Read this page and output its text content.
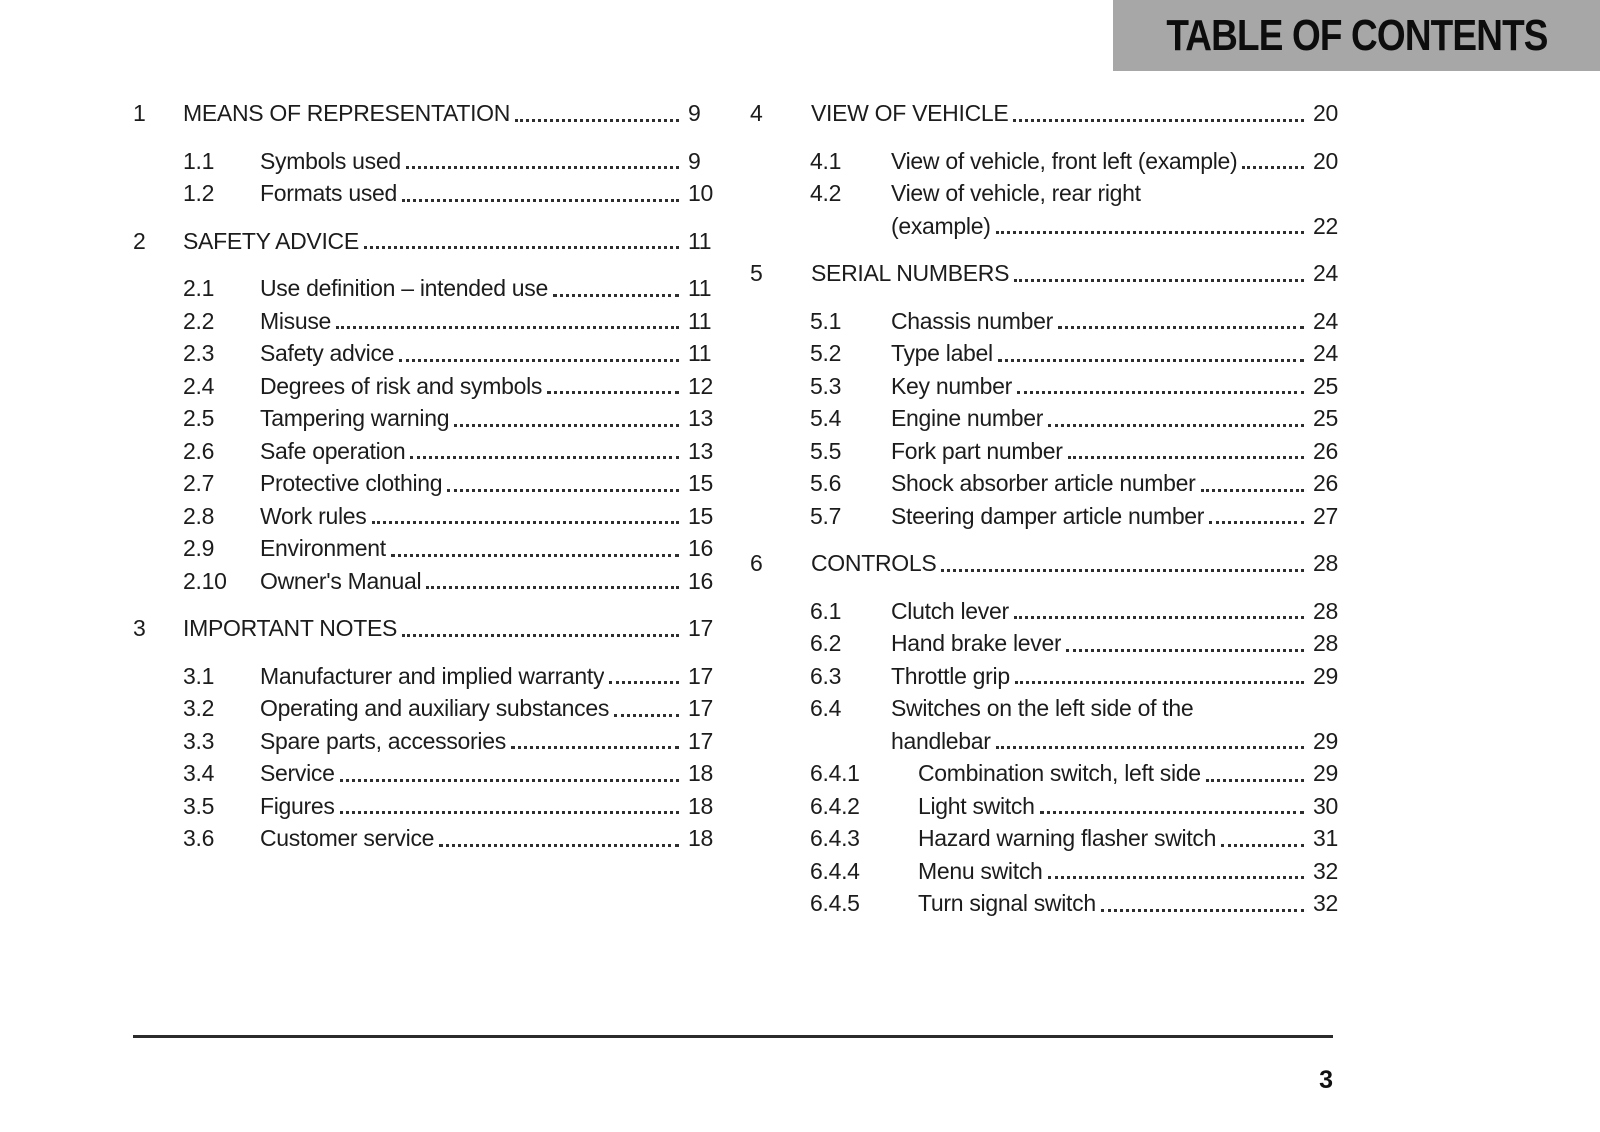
TABLE OF CONTENTS
1	MEANS OF REPRESENTATION	9
1.1	Symbols used	9
1.2	Formats used	10
2	SAFETY ADVICE	11
2.1	Use definition – intended use	11
2.2	Misuse	11
2.3	Safety advice	11
2.4	Degrees of risk and symbols	12
2.5	Tampering warning	13
2.6	Safe operation	13
2.7	Protective clothing	15
2.8	Work rules	15
2.9	Environment	16
2.10	Owner's Manual	16
3	IMPORTANT NOTES	17
3.1	Manufacturer and implied warranty	17
3.2	Operating and auxiliary substances	17
3.3	Spare parts, accessories	17
3.4	Service	18
3.5	Figures	18
3.6	Customer service	18
4	VIEW OF VEHICLE	20
4.1	View of vehicle, front left (example)	20
4.2	View of vehicle, rear right
(example)	22
5	SERIAL NUMBERS	24
5.1	Chassis number	24
5.2	Type label	24
5.3	Key number	25
5.4	Engine number	25
5.5	Fork part number	26
5.6	Shock absorber article number	26
5.7	Steering damper article number	27
6	CONTROLS	28
6.1	Clutch lever	28
6.2	Hand brake lever	28
6.3	Throttle grip	29
6.4	Switches on the left side of the
handlebar	29
6.4.1	Combination switch, left side	29
6.4.2	Light switch	30
6.4.3	Hazard warning flasher switch	31
6.4.4	Menu switch	32
6.4.5	Turn signal switch	32
3
